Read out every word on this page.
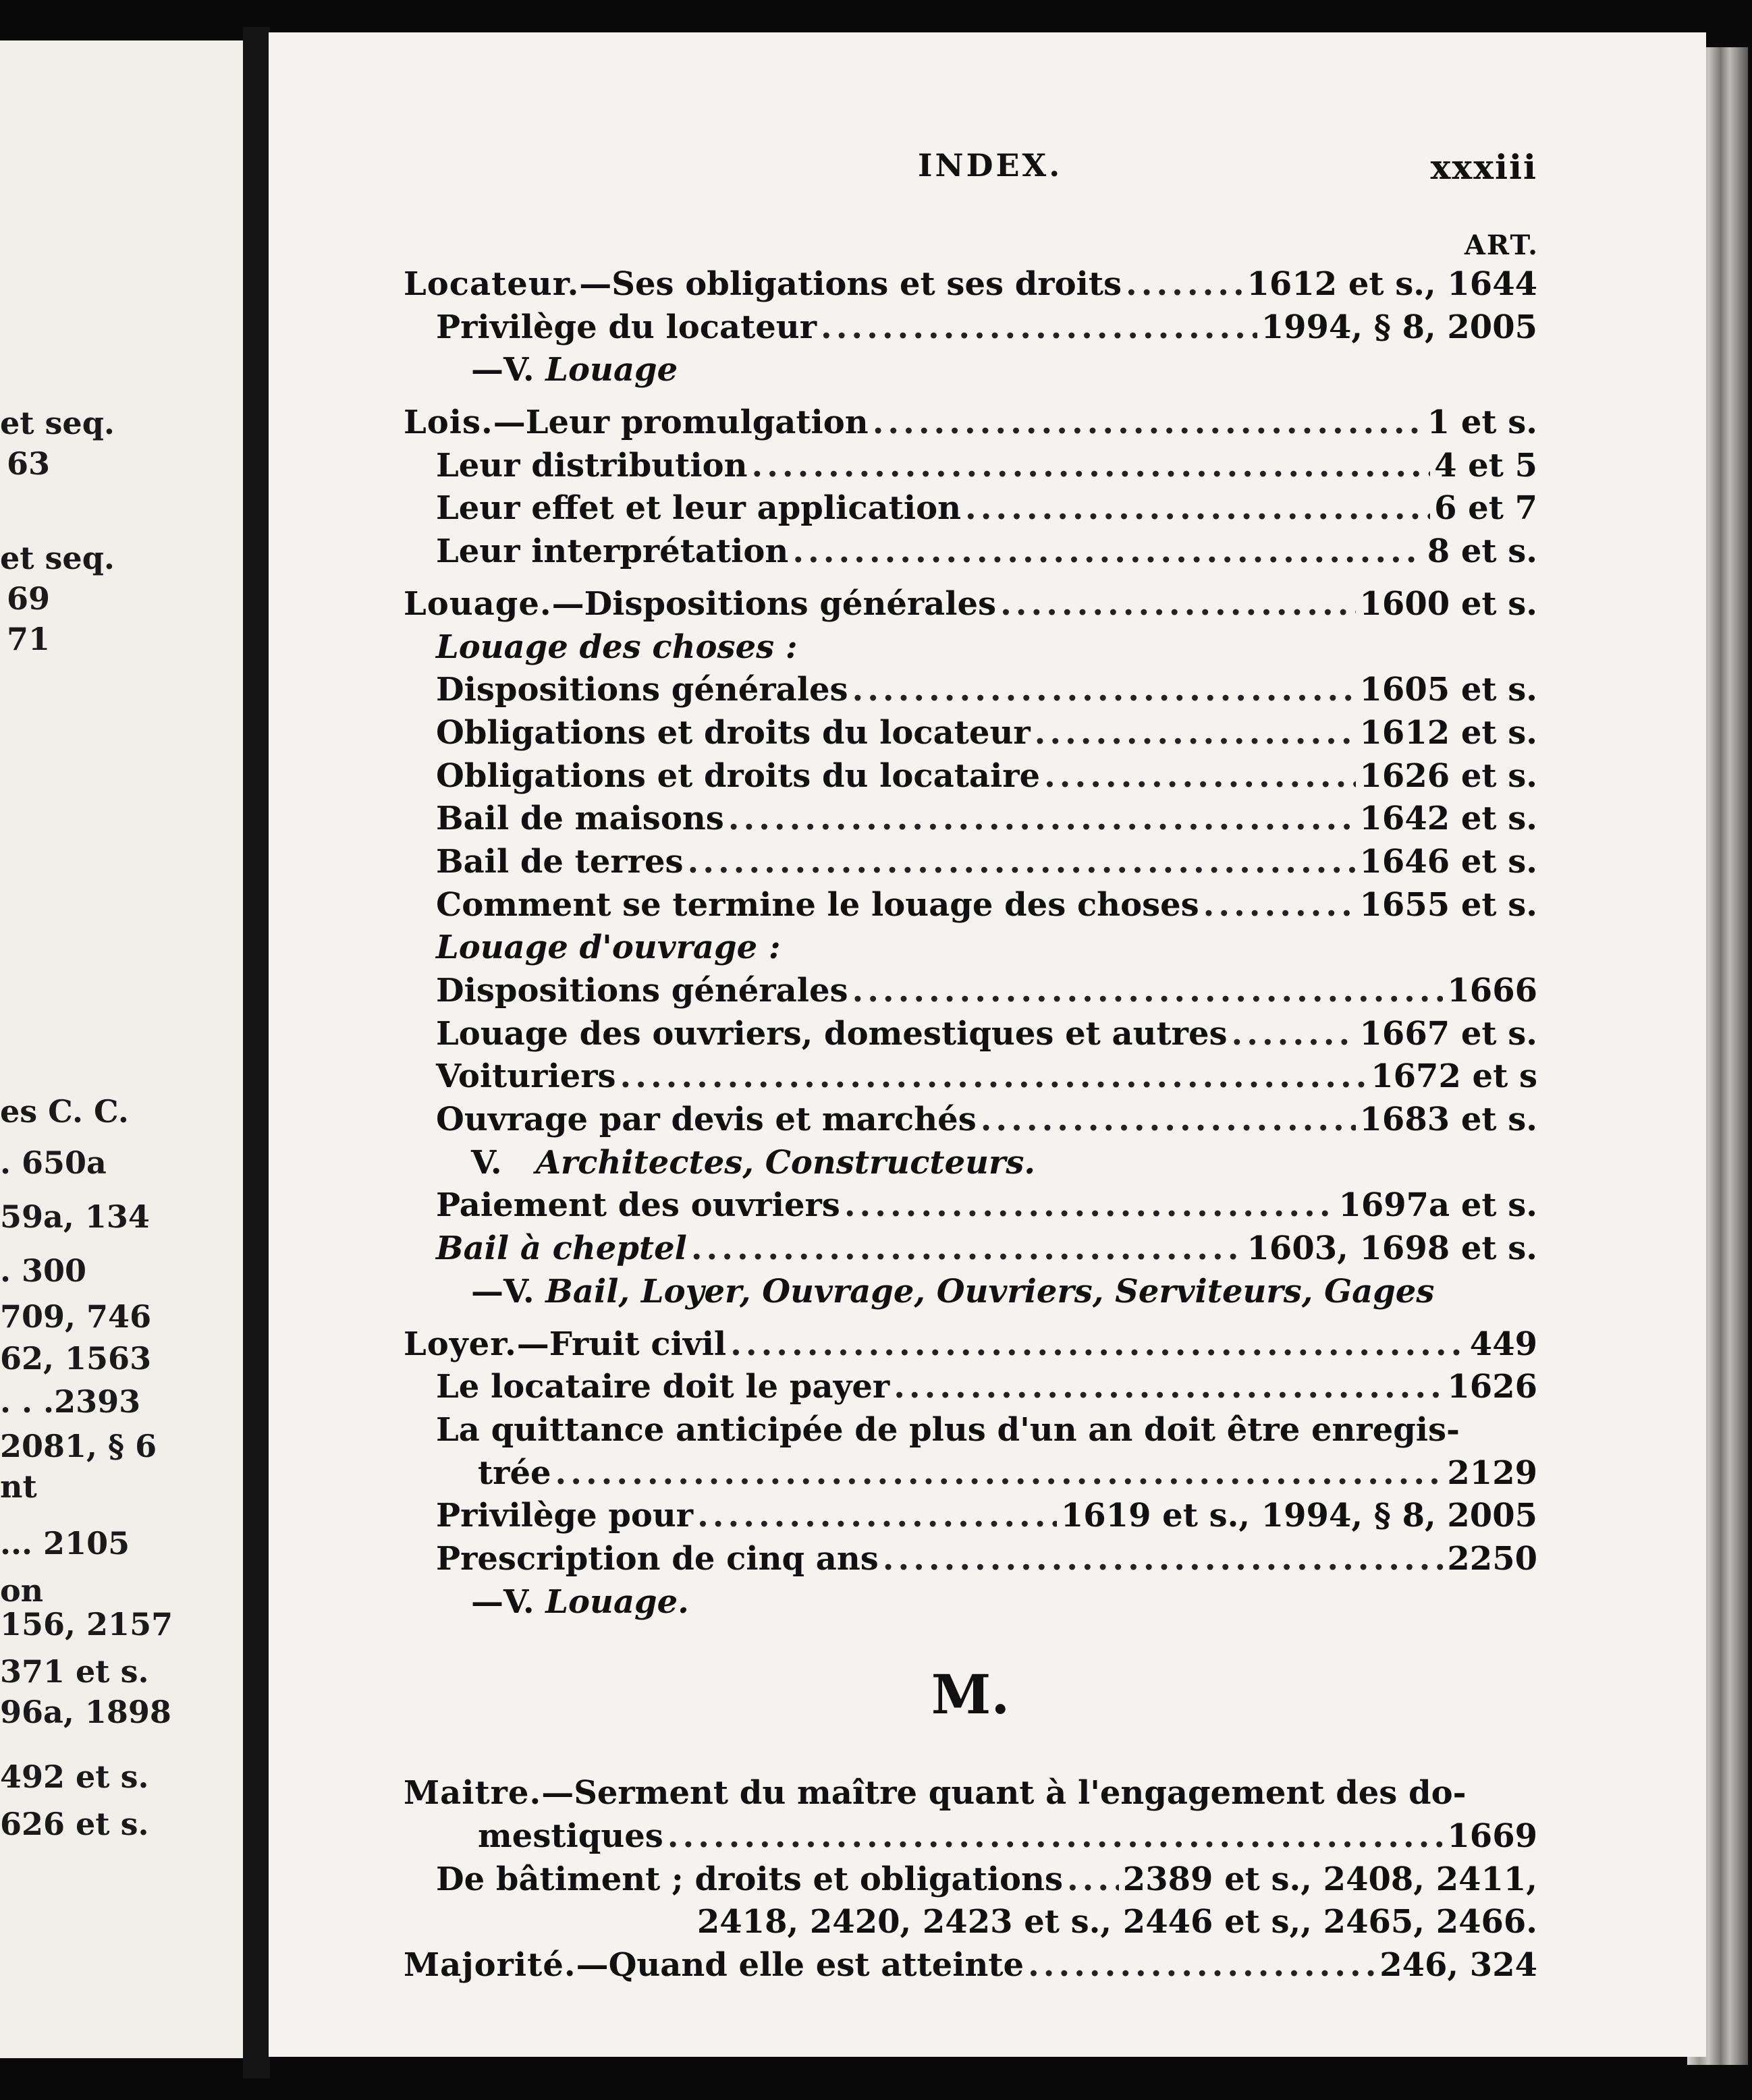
et seq.
63
et seq.
69
71
es C. C.
. 650a
59a, 134
. 300
709, 746
62, 1563
. . .2393
2081, § 6
nt
... 2105
on
156, 2157
371 et s.
96a, 1898
492 et s.
626 et s.
INDEX.	xxxiii
ART.
Locateur.—Ses obligations et ses droits .....	1612 et s., 1644
Privilège du locateur .....	1994, § 8, 2005
—V. Louage
Lois.—Leur promulgation .....	1 et s.
Leur distribution .....	4 et 5
Leur effet et leur application .....	6 et 7
Leur interprétation .....	8 et s.
Louage.—Dispositions générales .....	1600 et s.
Louage des choses :
Dispositions générales .....	1605 et s.
Obligations et droits du locateur .....	1612 et s.
Obligations et droits du locataire .....	1626 et s.
Bail de maisons .....	1642 et s.
Bail de terres .....	1646 et s.
Comment se termine le louage des choses .....	1655 et s.
Louage d'ouvrage :
Dispositions générales .....	1666
Louage des ouvriers, domestiques et autres .....	1667 et s.
Voituriers .....	1672 et s
Ouvrage par devis et marchés .....	1683 et s.
V. Architectes, Constructeurs.
Paiement des ouvriers .....	1697a et s.
Bail à cheptel .....	1603, 1698 et s.
—V. Bail, Loyer, Ouvrage, Ouvriers, Serviteurs, Gages
Loyer.—Fruit civil .....	449
Le locataire doit le payer .....	1626
La quittance anticipée de plus d'un an doit être enregis-
trée .....	2129
Privilège pour .....	1619 et s., 1994, § 8, 2005
Prescription de cinq ans .....	2250
—V. Louage.
M.
Maitre.—Serment du maître quant à l'engagement des do-
mestiques .....	1669
De bâtiment ; droits et obligations ..... 2389 et s., 2408, 2411,
2418, 2420, 2423 et s., 2446 et s,, 2465, 2466.
Majorité.—Quand elle est atteinte .....	246, 324
